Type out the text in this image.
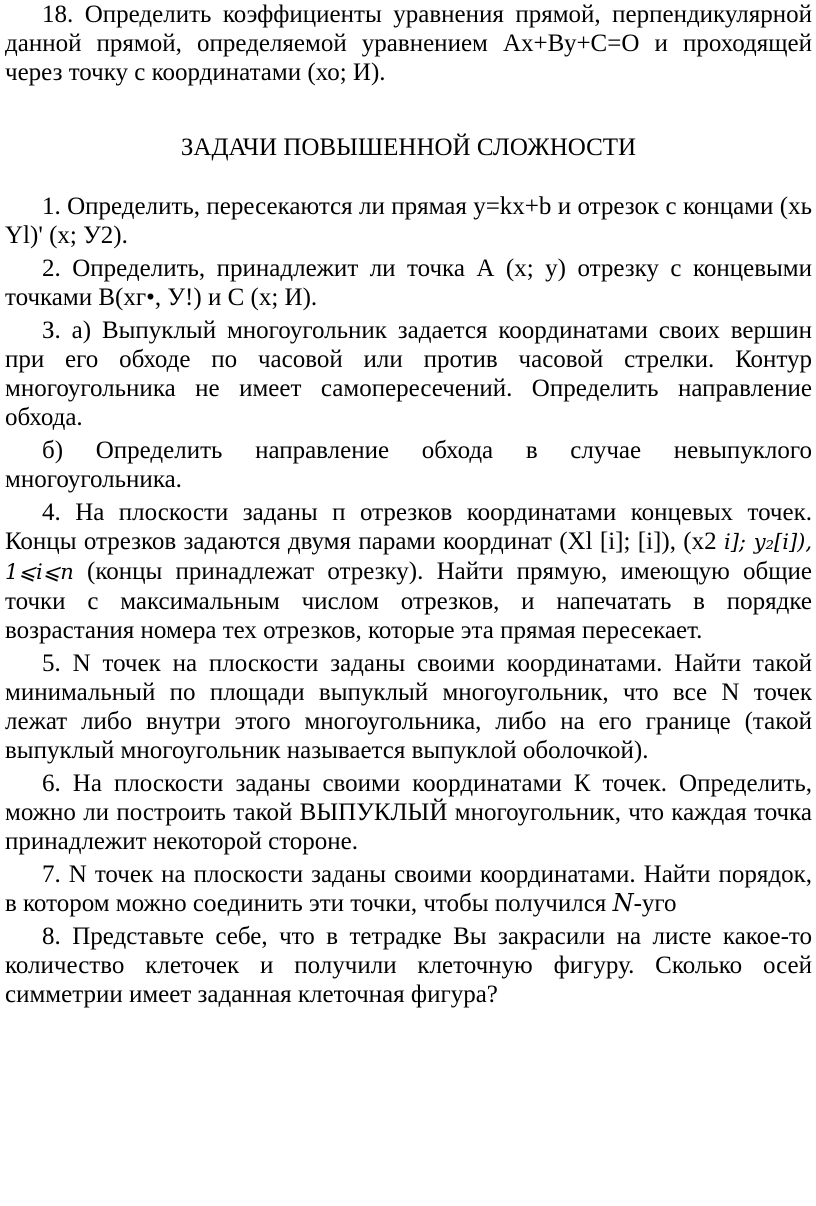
18. Определить коэффициенты уравнения прямой, перпендикулярной данной прямой, определяемой уравнением Ах+Ву+С=О и проходящей через точку с координатами (хо; И).

ЗАДАЧИ ПОВЫШЕННОЙ СЛОЖНОСТИ

1. Определить, пересекаются ли прямая y=kx+b и отрезок с концами (хь Yl)' (х; У2).

2. Определить, принадлежит ли точка А (х; у) отрезку с концевыми точками В(хг•, У!) и С (х; И).

З. а) Выпуклый многоугольник задается координатами своих вершин при его обходе по часовой или против часовой стрелки. Контур многоугольника не имеет самопересечений. Определить направление обхода.

б) Определить направление обхода в случае невыпуклого многоугольника.

4. На плоскости заданы п отрезков координатами концевых точек. Концы отрезков задаются двумя парами координат (Xl [i]; [i]), (х2 i]; y₂[i]), 1⩽i⩽n (концы принадлежат отрезку). Найти прямую, имеющую общие точки с максимальным числом отрезков, и напечатать в порядке возрастания номера тех отрезков, которые эта прямая пересекает.

5. N точек на плоскости заданы своими координатами. Найти такой минимальный по площади выпуклый многоугольник, что все N точек лежат либо внутри этого многоугольника, либо на его границе (такой выпуклый многоугольник называется выпуклой оболочкой).

6. На плоскости заданы своими координатами К точек. Определить, можно ли построить такой ВЫПУКЛЫЙ многоугольник, что каждая точка принадлежит некоторой стороне.

7. N точек на плоскости заданы своими координатами. Найти порядок, в котором можно соединить эти точки, чтобы получился N-уго

8. Представьте себе, что в тетрадке Вы закрасили на листе какое-то количество клеточек и получили клеточную фигуру. Сколько осей симметрии имеет заданная клеточная фигура?
